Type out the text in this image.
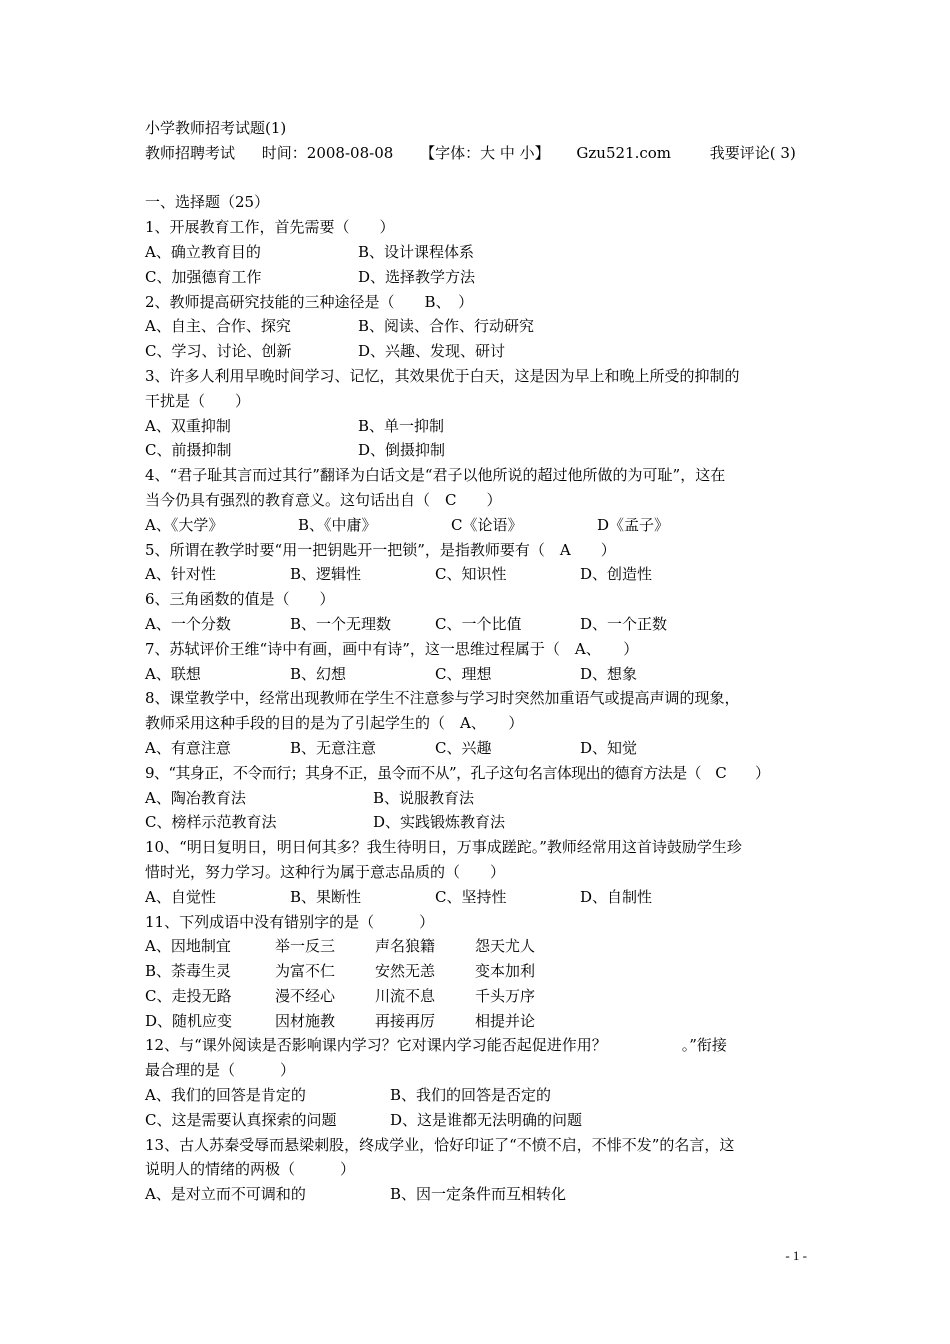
小学教师招考试题(1)
教师招聘考试 时间：2008-08-08 【字体：大 中 小】 Gzu521.com	我要评论( 3)
一、选择题（25）
1、开展教育工作，首先需要（　　）
A、确立教育目的	B、设计课程体系
C、加强德育工作	D、选择教学方法
2、教师提高研究技能的三种途径是（　　B、　）
A、自主、合作、探究	B、阅读、合作、行动研究
C、学习、讨论、创新	D、兴趣、发现、研讨
3、许多人利用早晚时间学习、记忆，其效果优于白天，这是因为早上和晚上所受的抑制的
干扰是（　　）
A、双重抑制	B、单一抑制
C、前摄抑制	D、倒摄抑制
4、“君子耻其言而过其行”翻译为白话文是“君子以他所说的超过他所做的为可耻”，这在
当今仍具有强烈的教育意义。这句话出自（　C　　）
A、《大学》	B、《中庸》	C《论语》	D《孟子》
5、所谓在教学时要“用一把钥匙开一把锁”，是指教师要有（　A　　）
A、针对性	B、逻辑性	C、知识性	D、创造性
6、三角函数的值是（　　）
A、一个分数	B、一个无理数	C、一个比值	D、一个正数
7、苏轼评价王维“诗中有画，画中有诗”，这一思维过程属于（　A、　　）
A、联想	B、幻想	C、理想	D、想象
8、课堂教学中，经常出现教师在学生不注意参与学习时突然加重语气或提高声调的现象，
教师采用这种手段的目的是为了引起学生的（　A、　　）
A、有意注意	B、无意注意	C、兴趣	D、知觉
9、“其身正，不令而行；其身不正，虽令而不从”，孔子这句名言体现出的德育方法是（　C　　）
A、陶冶教育法	B、说服教育法
C、榜样示范教育法	D、实践锻炼教育法
10、“明日复明日，明日何其多？我生待明日，万事成蹉跎。”教师经常用这首诗鼓励学生珍
惜时光，努力学习。这种行为属于意志品质的（　　）
A、自觉性	B、果断性	C、坚持性	D、自制性
11、下列成语中没有错别字的是（　　　）
A、因地制宜	举一反三	声名狼籍	怨天尤人
B、荼毒生灵	为富不仁	安然无恙	变本加利
C、走投无路	漫不经心	川流不息	千头万序
D、随机应变	因材施教	再接再厉	相提并论
12、与“课外阅读是否影响课内学习？它对课内学习能否起促进作用？　　　　　。”衔接
最合理的是（　　　）
A、我们的回答是肯定的	B、我们的回答是否定的
C、这是需要认真探索的问题	D、这是谁都无法明确的问题
13、古人苏秦受辱而悬梁刺股，终成学业，恰好印证了“不愤不启，不悱不发”的名言，这
说明人的情绪的两极（　　　）
A、是对立而不可调和的	B、因一定条件而互相转化
- 1 -
